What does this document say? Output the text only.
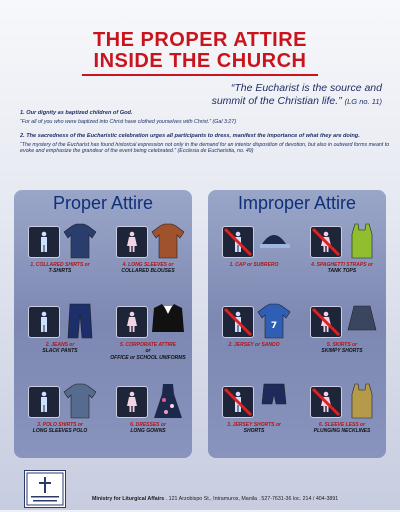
THE PROPER ATTIRE
INSIDE THE CHURCH
“The Eucharist is the source and
summit of the Christian life.” (LG no. 11)
1. Our dignity as baptized children of God.
“For all of you who were baptized into Christ have clothed yourselves with Christ.” (Gal 3:27)
2. The sacredness of the Eucharistic celebration urges all participants to dress, manifest the importance of what they are doing.
“The mystery of the Eucharist has found historical expression not only in the demand for an interior disposition of devotion, but also in outward forms meant to evoke and emphasize the grandeur of the event being celebrated.” (Ecclesia de Eucharistia, no. 49)
Proper Attire
1. COLLARED SHIRTS or
T-SHIRTS
4. LONG SLEEVES or
COLLARED BLOUSES
2. JEANS or
SLACK PANTS
5. CORPORATE ATTIRE
or
OFFICE or SCHOOL UNIFORMS
3. POLO SHIRTS or
LONG SLEEVES POLO
6. DRESSES or
LONG GOWNS
Improper Attire
1. CAP or SUBRERO	4. SPAGHETTI STRAPS or
TANK TOPS
7
2. JERSEY or SANDO	5. SKIRTS or
SKIMPY SHORTS
3. JERSEY SHORTS or
SHORTS
6. SLEEVE LESS or
PLUNGING NECKLINES
Ministry for Liturgical Affairs . 121 Arzobispo St., Intramuros, Manila . 527-7631-36 loc. 214 / 404-3891
